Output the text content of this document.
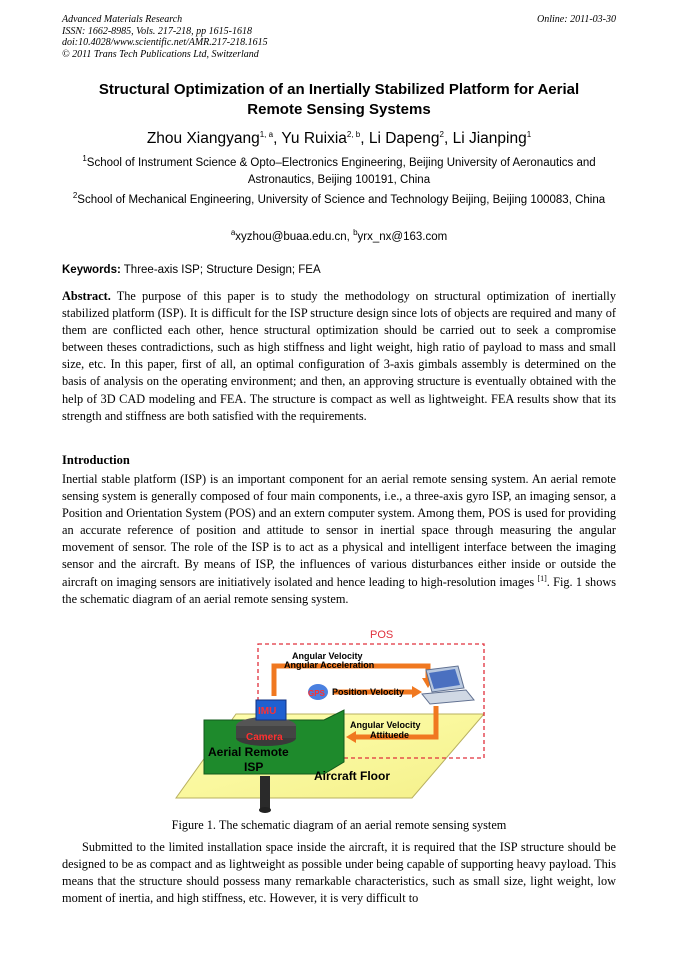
Advanced Materials Research
ISSN: 1662-8985, Vols. 217-218, pp 1615-1618
doi:10.4028/www.scientific.net/AMR.217-218.1615
© 2011 Trans Tech Publications Ltd, Switzerland
Online: 2011-03-30
Structural Optimization of an Inertially Stabilized Platform for Aerial
Remote Sensing Systems
Zhou Xiangyang$^{1, a}$, Yu Ruixia$^{2, b}$, Li Dapeng$^2$, Li Jianping$^1$
$^1$School of Instrument Science & Opto–Electronics Engineering, Beijing University of Aeronautics and Astronautics, Beijing 100191, China
$^2$School of Mechanical Engineering, University of Science and Technology Beijing, Beijing 100083, China
$^a$xyzhou@buaa.edu.cn, $^b$yrx_nx@163.com
Keywords: Three-axis ISP; Structure Design; FEA
Abstract. The purpose of this paper is to study the methodology on structural optimization of inertially stabilized platform (ISP). It is difficult for the ISP structure design since lots of objects are required and many of them are conflicted each other, hence structural optimization should be carried out to seek a compromise between theses contradictions, such as high stiffness and light weight, high ratio of payload to mass and small size, etc. In this paper, first of all, an optimal configuration of 3-axis gimbals assembly is determined on the basis of analysis on the operating environment; and then, an approving structure is eventually obtained with the help of 3D CAD modeling and FEA. The structure is compact as well as lightweight. FEA results show that its strength and stiffness are both satisfied with the requirements.
Introduction
Inertial stable platform (ISP) is an important component for an aerial remote sensing system. An aerial remote sensing system is generally composed of four main components, i.e., a three-axis gyro ISP, an imaging sensor, a Position and Orientation System (POS) and an extern computer system. Among them, POS is used for providing an accurate reference of position and attitude to sensor in inertial space through measuring the angular movement of sensor. The role of the ISP is to act as a physical and intelligent interface between the imaging sensor and the aircraft. By means of ISP, the influences of various disturbances either inside or outside the aircraft on imaging sensors are initiatively isolated and hence leading to high-resolution images [1]. Fig. 1 shows the schematic diagram of an aerial remote sensing system.
POS
IMU
Camera
GPS
Angular Velocity
Angular Acceleration
Position Velocity
Angular Velocity
Attituede
Aerial Remote
ISP
Aircraft Floor
Figure 1. The schematic diagram of an aerial remote sensing system
Submitted to the limited installation space inside the aircraft, it is required that the ISP structure should be designed to be as compact and as lightweight as possible under being capable of supporting heavy payload. This means that the structure should possess many remarkable characteristics, such as small size, light weight, low moment of inertia, and high stiffness, etc. However, it is very difficult to
